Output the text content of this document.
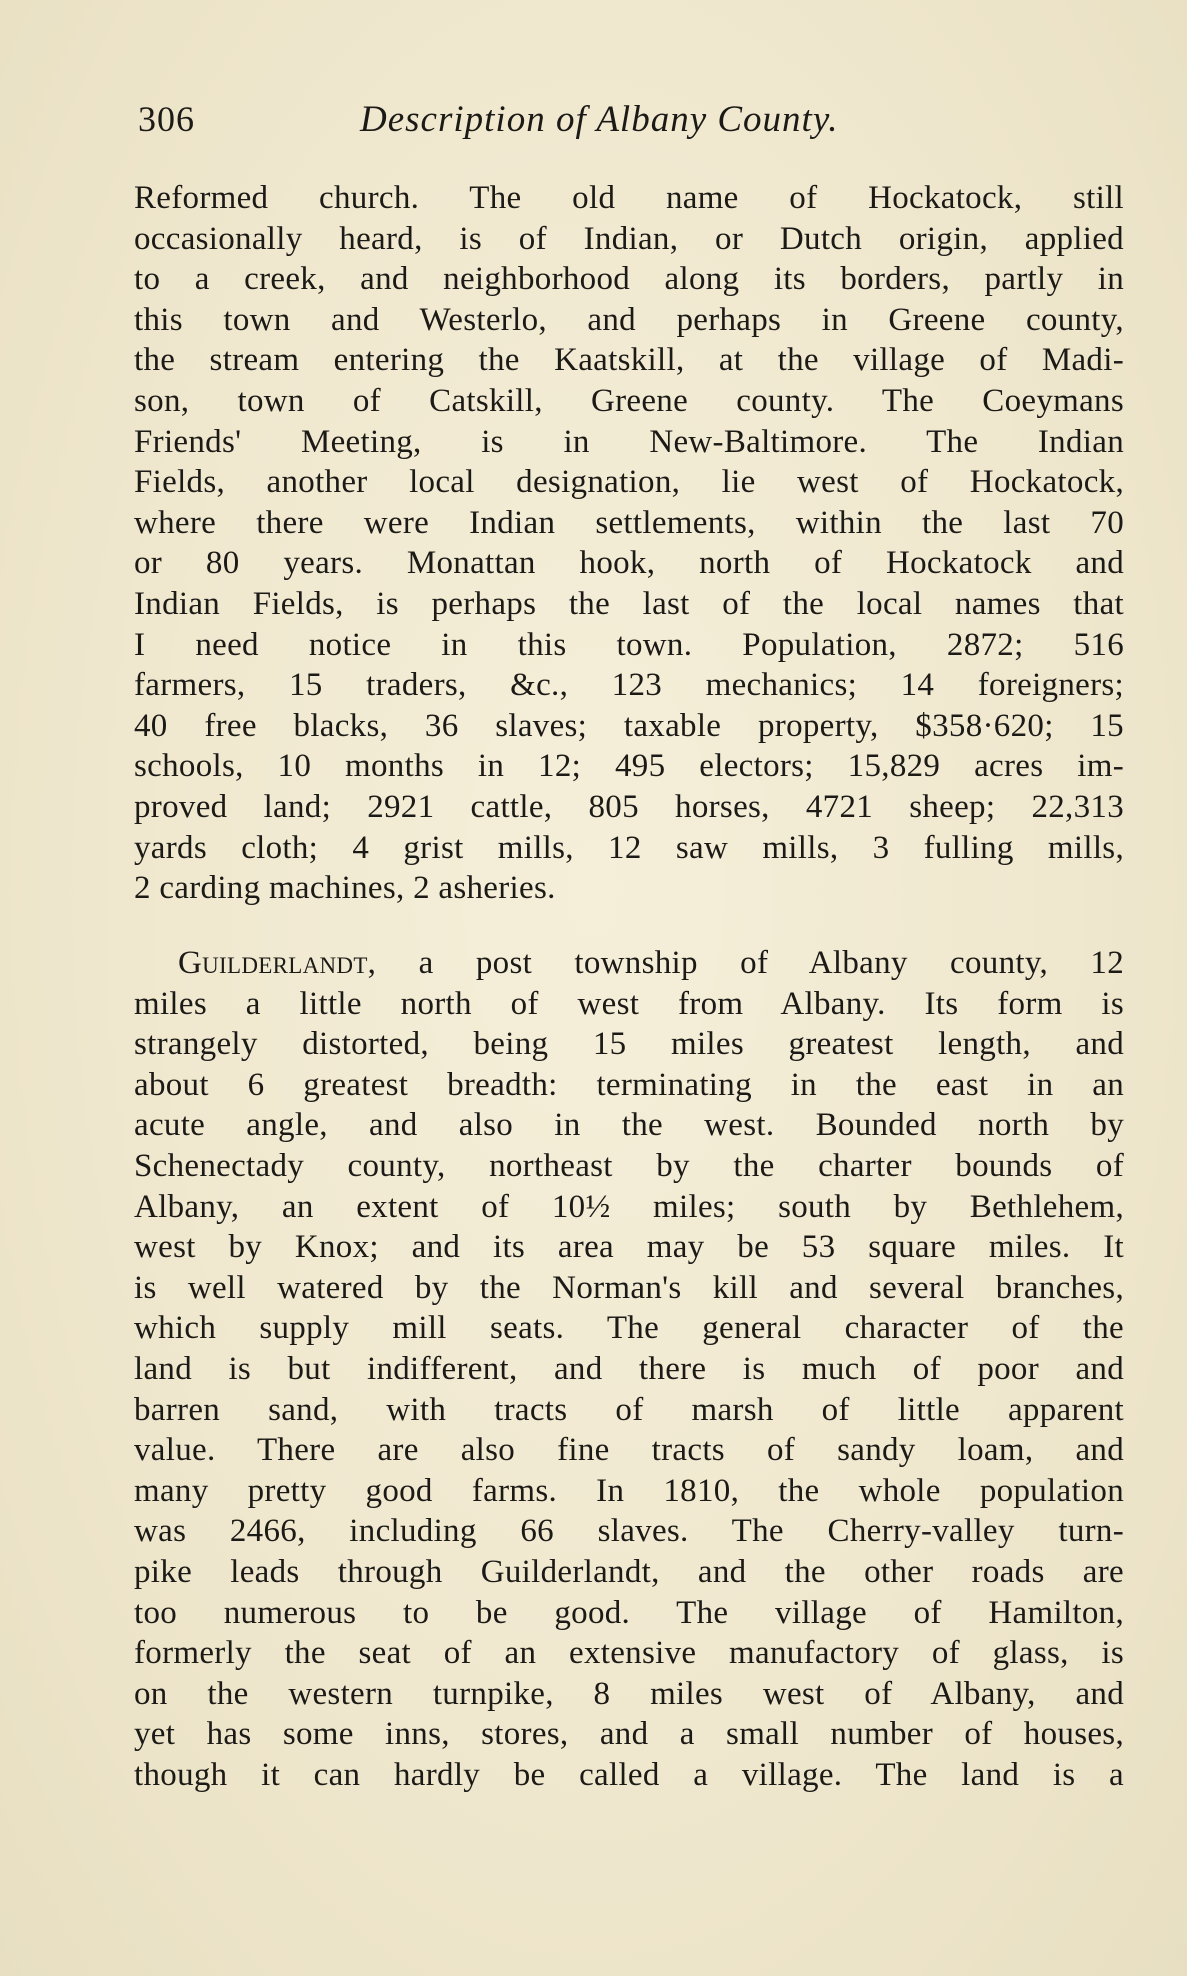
306	Description of Albany County.
Reformed church. The old name of Hockatock, still
occasionally heard, is of Indian, or Dutch origin, applied
to a creek, and neighborhood along its borders, partly in
this town and Westerlo, and perhaps in Greene county,
the stream entering the Kaatskill, at the village of Madi-
son, town of Catskill, Greene county. The Coeymans
Friends' Meeting, is in New-Baltimore. The Indian
Fields, another local designation, lie west of Hockatock,
where there were Indian settlements, within the last 70
or 80 years. Monattan hook, north of Hockatock and
Indian Fields, is perhaps the last of the local names that
I need notice in this town. Population, 2872; 516
farmers, 15 traders, &c., 123 mechanics; 14 foreigners;
40 free blacks, 36 slaves; taxable property, $358·620; 15
schools, 10 months in 12; 495 electors; 15,829 acres im-
proved land; 2921 cattle, 805 horses, 4721 sheep; 22,313
yards cloth; 4 grist mills, 12 saw mills, 3 fulling mills,
2 carding machines, 2 asheries.
Guilderlandt, a post township of Albany county, 12
miles a little north of west from Albany. Its form is
strangely distorted, being 15 miles greatest length, and
about 6 greatest breadth: terminating in the east in an
acute angle, and also in the west. Bounded north by
Schenectady county, northeast by the charter bounds of
Albany, an extent of 10½ miles; south by Bethlehem,
west by Knox; and its area may be 53 square miles. It
is well watered by the Norman's kill and several branches,
which supply mill seats. The general character of the
land is but indifferent, and there is much of poor and
barren sand, with tracts of marsh of little apparent
value. There are also fine tracts of sandy loam, and
many pretty good farms. In 1810, the whole population
was 2466, including 66 slaves. The Cherry-valley turn-
pike leads through Guilderlandt, and the other roads are
too numerous to be good. The village of Hamilton,
formerly the seat of an extensive manufactory of glass, is
on the western turnpike, 8 miles west of Albany, and
yet has some inns, stores, and a small number of houses,
though it can hardly be called a village. The land is a
